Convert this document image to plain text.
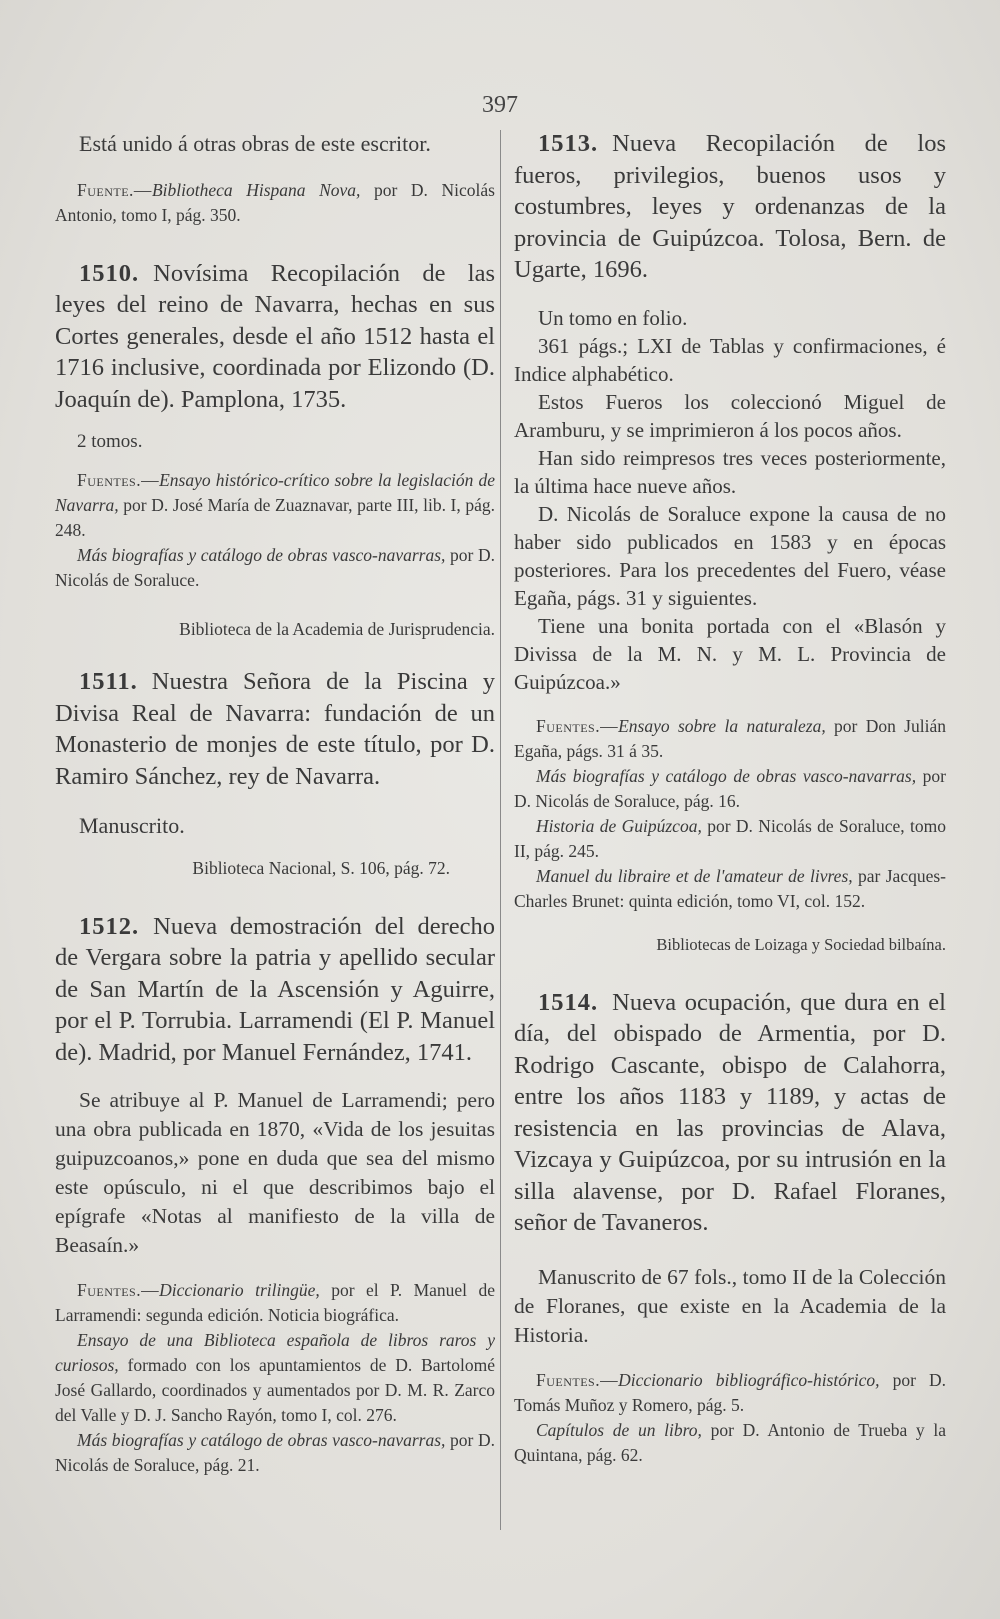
397

Está unido á otras obras de este escritor.

Fuente.—Bibliotheca Hispana Nova, por D. Nicolás Antonio, tomo I, pág. 350.

1510. Novísima Recopilación de las leyes del reino de Navarra, hechas en sus Cortes generales, desde el año 1512 hasta el 1716 inclusive, coordinada por Elizondo (D. Joaquín de). Pamplona, 1735.

2 tomos.

Fuentes.—Ensayo histórico-crítico sobre la legislación de Navarra, por D. José María de Zuaznavar, parte III, lib. I, pág. 248.

Más biografías y catálogo de obras vasco-navarras, por D. Nicolás de Soraluce.

Biblioteca de la Academia de Jurisprudencia.

1511. Nuestra Señora de la Piscina y Divisa Real de Navarra: fundación de un Monasterio de monjes de este título, por D. Ramiro Sánchez, rey de Navarra.

Manuscrito.

Biblioteca Nacional, S. 106, pág. 72.

1512. Nueva demostración del derecho de Vergara sobre la patria y apellido secular de San Martín de la Ascensión y Aguirre, por el P. Torrubia. Larramendi (El P. Manuel de). Madrid, por Manuel Fernández, 1741.

Se atribuye al P. Manuel de Larramendi; pero una obra publicada en 1870, «Vida de los jesuitas guipuzcoanos,» pone en duda que sea del mismo este opúsculo, ni el que describimos bajo el epígrafe «Notas al manifiesto de la villa de Beasaín.»

Fuentes.—Diccionario trilingüe, por el P. Manuel de Larramendi: segunda edición. Noticia biográfica.

Ensayo de una Biblioteca española de libros raros y curiosos, formado con los apuntamientos de D. Bartolomé José Gallardo, coordinados y aumentados por D. M. R. Zarco del Valle y D. J. Sancho Rayón, tomo I, col. 276.

Más biografías y catálogo de obras vasco-navarras, por D. Nicolás de Soraluce, pág. 21.

1513. Nueva Recopilación de los fueros, privilegios, buenos usos y costumbres, leyes y ordenanzas de la provincia de Guipúzcoa. Tolosa, Bern. de Ugarte, 1696.

Un tomo en folio.

361 págs.; LXI de Tablas y confirmaciones, é Indice alphabético.

Estos Fueros los coleccionó Miguel de Aramburu, y se imprimieron á los pocos años.

Han sido reimpresos tres veces posteriormente, la última hace nueve años.

D. Nicolás de Soraluce expone la causa de no haber sido publicados en 1583 y en épocas posteriores. Para los precedentes del Fuero, véase Egaña, págs. 31 y siguientes.

Tiene una bonita portada con el «Blasón y Divissa de la M. N. y M. L. Provincia de Guipúzcoa.»

Fuentes.—Ensayo sobre la naturaleza, por Don Julián Egaña, págs. 31 á 35.

Más biografías y catálogo de obras vasco-navarras, por D. Nicolás de Soraluce, pág. 16.

Historia de Guipúzcoa, por D. Nicolás de Soraluce, tomo II, pág. 245.

Manuel du libraire et de l'amateur de livres, par Jacques-Charles Brunet: quinta edición, tomo VI, col. 152.

Bibliotecas de Loizaga y Sociedad bilbaína.

1514. Nueva ocupación, que dura en el día, del obispado de Armentia, por D. Rodrigo Cascante, obispo de Calahorra, entre los años 1183 y 1189, y actas de resistencia en las provincias de Alava, Vizcaya y Guipúzcoa, por su intrusión en la silla alavense, por D. Rafael Floranes, señor de Tavaneros.

Manuscrito de 67 fols., tomo II de la Colección de Floranes, que existe en la Academia de la Historia.

Fuentes.—Diccionario bibliográfico-histórico, por D. Tomás Muñoz y Romero, pág. 5.

Capítulos de un libro, por D. Antonio de Trueba y la Quintana, pág. 62.
